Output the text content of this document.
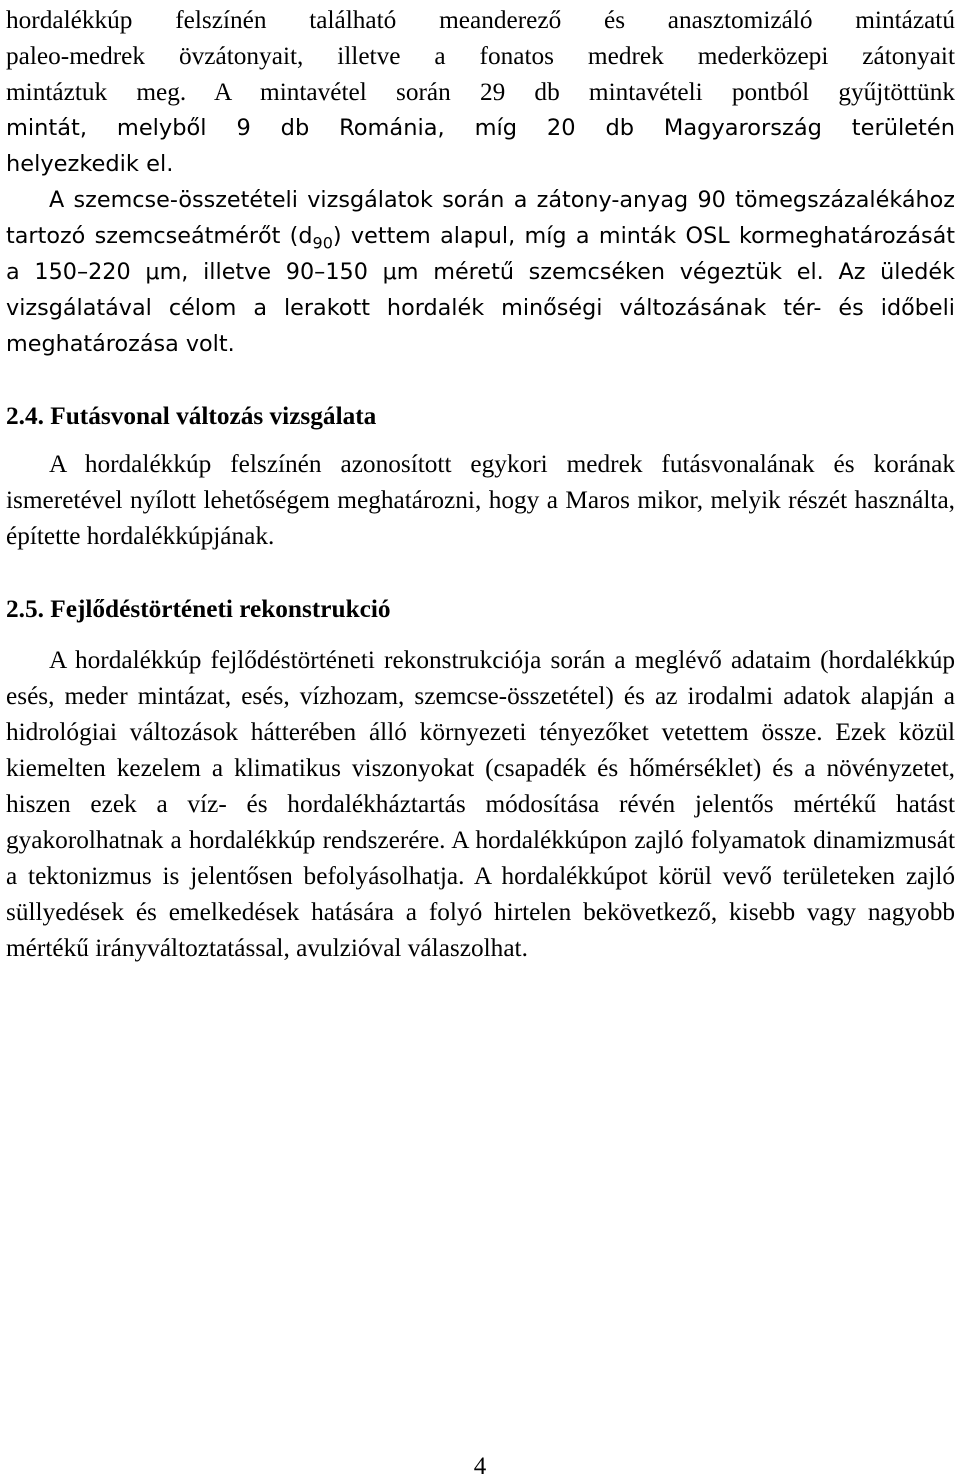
hordalékkúp felszínén található meanderező és anasztomizáló mintázatú

paleo-medrek övzátonyait, illetve a fonatos medrek mederközepi zátonyait

mintáztuk meg. A mintavétel során 29 db mintavételi pontból gyűjtöttünk

mintát, melyből 9 db Románia, míg 20 db Magyarország területén

helyezkedik el.

A szemcse-összetételi vizsgálatok során a zátony-anyag 90 tömegszázalékához tartozó szemcseátmérőt $(d_{90})$ vettem alapul, míg a minták OSL kormeghatározását a 150–220 μm, illetve 90–150 μm méretű szemcséken végeztük el. Az üledék vizsgálatával célom a lerakott hordalék minőségi változásának tér- és időbeli meghatározása volt.

2.4. Futásvonal változás vizsgálata

A hordalékkúp felszínén azonosított egykori medrek futásvonalának és korának ismeretével nyílott lehetőségem meghatározni, hogy a Maros mikor, melyik részét használta, építette hordalékkúpjának.

2.5. Fejlődéstörténeti rekonstrukció

A hordalékkúp fejlődéstörténeti rekonstrukciója során a meglévő adataim (hordalékkúp esés, meder mintázat, esés, vízhozam, szemcse-összetétel) és az irodalmi adatok alapján a hidrológiai változások hátterében álló környezeti tényezőket vetettem össze. Ezek közül kiemelten kezelem a klimatikus viszonyokat (csapadék és hőmérséklet) és a növényzetet, hiszen ezek a víz- és hordalékháztartás módosítása révén jelentős mértékű hatást gyakorolhatnak a hordalékkúp rendszerére. A hordalékkúpon zajló folyamatok dinamizmusát a tektonizmus is jelentősen befolyásolhatja. A hordalékkúpot körül vevő területeken zajló süllyedések és emelkedések hatására a folyó hirtelen bekövetkező, kisebb vagy nagyobb mértékű irányváltoztatással, avulzióval válaszolhat.

4
